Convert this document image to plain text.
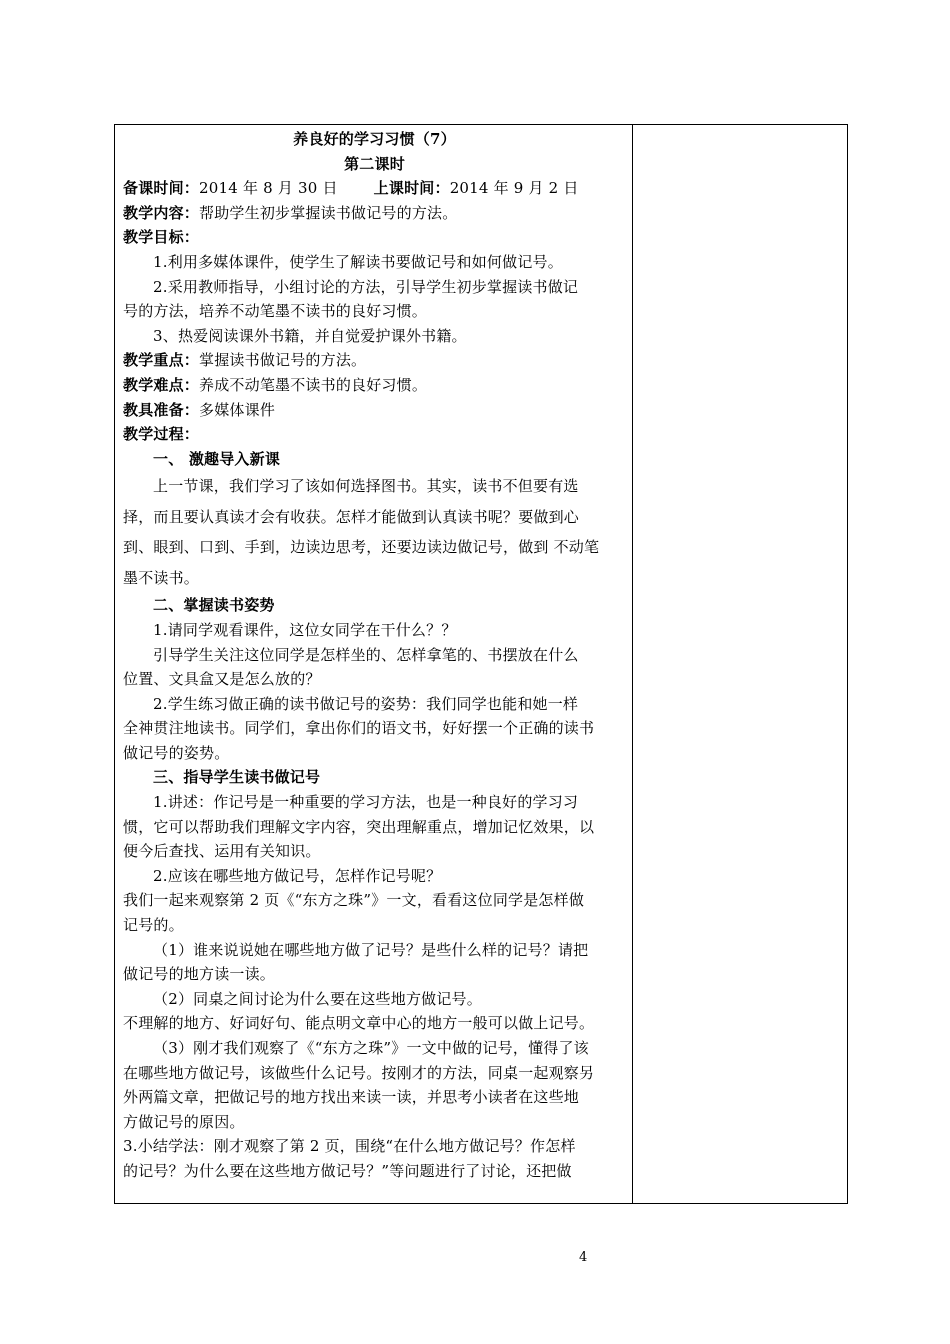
养良好的学习习惯（7）

第二课时

备课时间：2014 年 8 月 30 日 上课时间：2014 年 9 月 2 日

教学内容：帮助学生初步掌握读书做记号的方法。

教学目标：

1.利用多媒体课件，使学生了解读书要做记号和如何做记号。

2.采用教师指导，小组讨论的方法，引导学生初步掌握读书做记

号的方法，培养不动笔墨不读书的良好习惯。

3、热爱阅读课外书籍，并自觉爱护课外书籍。

教学重点：掌握读书做记号的方法。

教学难点：养成不动笔墨不读书的良好习惯。

教具准备：多媒体课件

教学过程：

一、 激趣导入新课

上一节课，我们学习了该如何选择图书。其实，读书不但要有选

择，而且要认真读才会有收获。怎样才能做到认真读书呢？要做到心

到、眼到、口到、手到，边读边思考，还要边读边做记号，做到 不动笔

墨不读书。

二、掌握读书姿势

1.请同学观看课件，这位女同学在干什么？？

引导学生关注这位同学是怎样坐的、怎样拿笔的、书摆放在什么

位置、文具盒又是怎么放的？

2.学生练习做正确的读书做记号的姿势：我们同学也能和她一样

全神贯注地读书。同学们，拿出你们的语文书，好好摆一个正确的读书

做记号的姿势。

三、指导学生读书做记号

1.讲述：作记号是一种重要的学习方法，也是一种良好的学习习

惯，它可以帮助我们理解文字内容，突出理解重点，增加记忆效果，以

便今后查找、运用有关知识。

2.应该在哪些地方做记号，怎样作记号呢？

我们一起来观察第 2 页《“东方之珠”》一文，看看这位同学是怎样做

记号的。

（1）谁来说说她在哪些地方做了记号？是些什么样的记号？请把

做记号的地方读一读。

（2）同桌之间讨论为什么要在这些地方做记号。

不理解的地方、好词好句、能点明文章中心的地方一般可以做上记号。

（3）刚才我们观察了《“东方之珠”》一文中做的记号，懂得了该

在哪些地方做记号，该做些什么记号。按刚才的方法，同桌一起观察另

外两篇文章，把做记号的地方找出来读一读，并思考小读者在这些地

方做记号的原因。

3.小结学法：刚才观察了第 2 页，围绕“在什么地方做记号？作怎样

的记号？为什么要在这些地方做记号？”等问题进行了讨论，还把做

4
